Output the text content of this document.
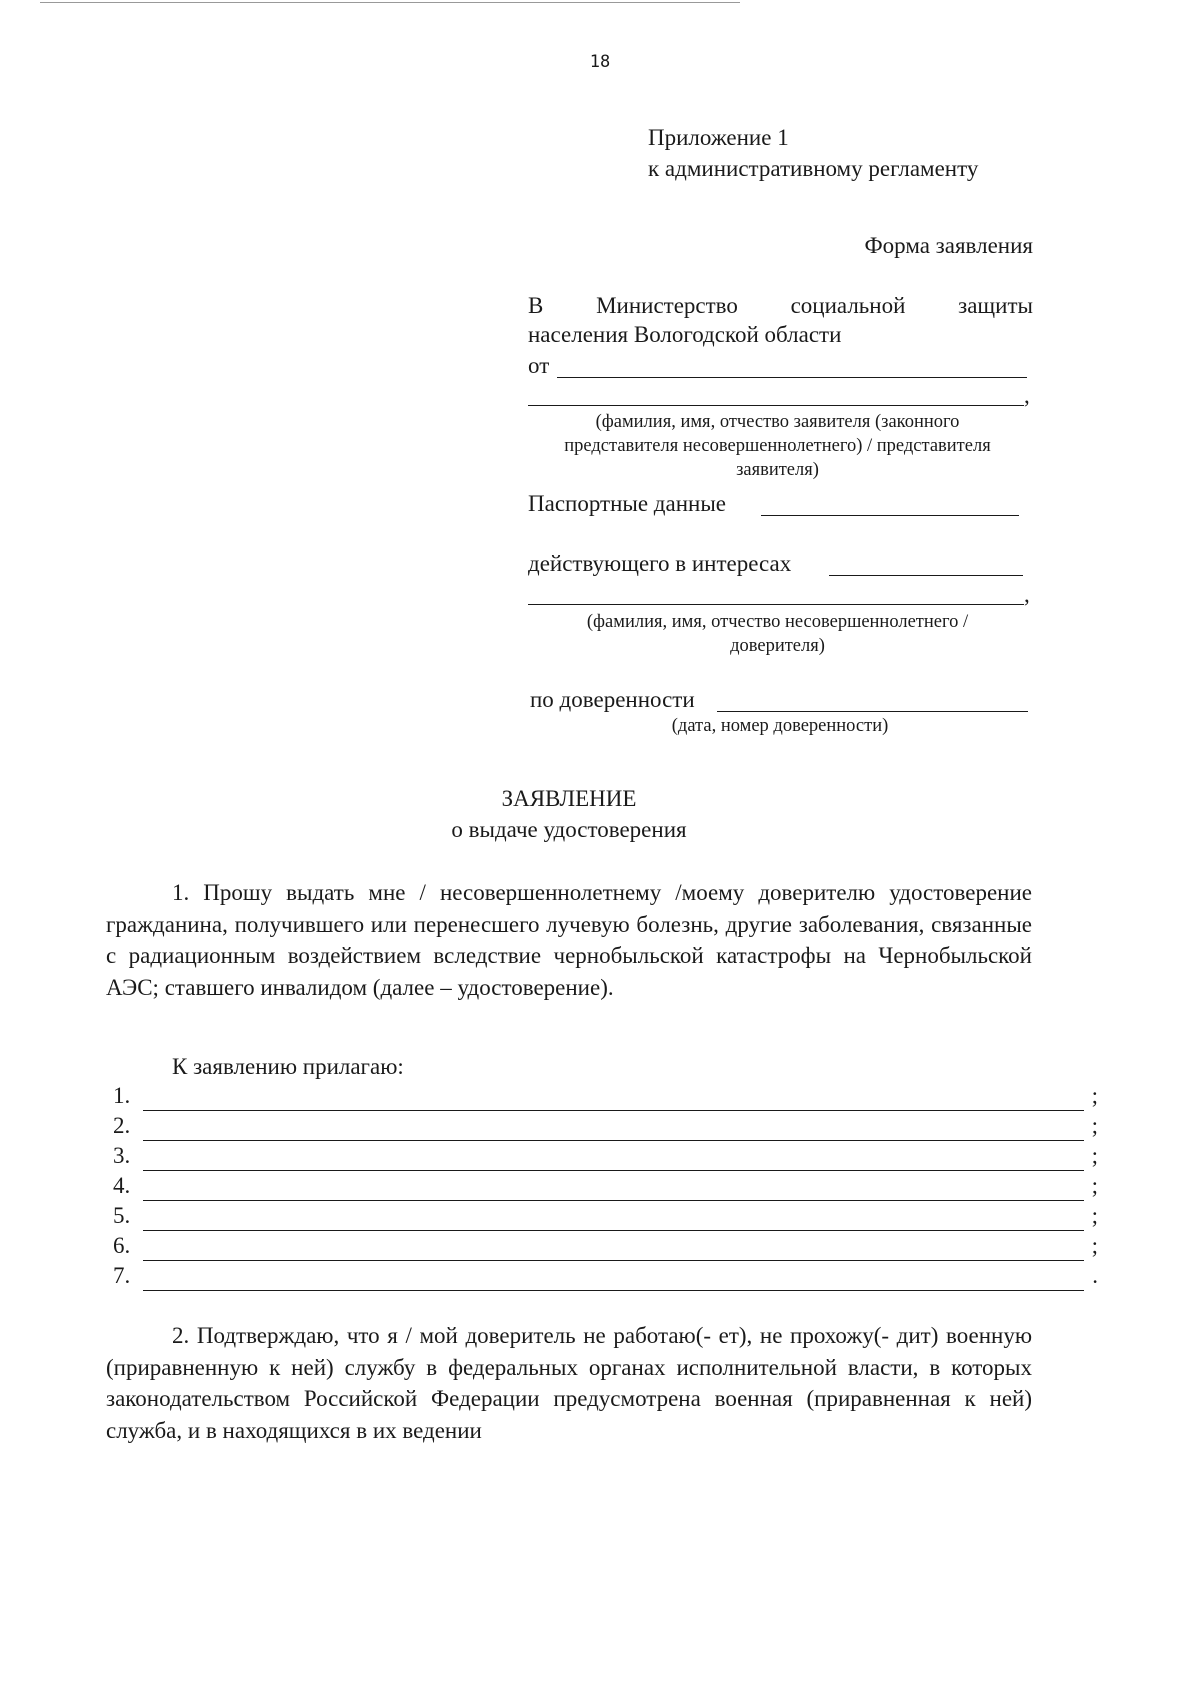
18
Приложение 1
к административному регламенту
Форма заявления
В Министерство социальной защиты
населения Вологодской области
от
,
(фамилия, имя, отчество заявителя (законного представителя несовершеннолетнего) / представителя заявителя)
Паспортные данные
действующего в интересах
,
(фамилия, имя, отчество несовершеннолетнего / доверителя)
по доверенности
(дата, номер доверенности)
ЗАЯВЛЕНИЕ
о выдаче удостоверения
1. Прошу выдать мне / несовершеннолетнему /моему доверителю удостоверение гражданина, получившего или перенесшего лучевую болезнь, другие заболевания, связанные с радиационным воздействием вследствие чернобыльской катастрофы на Чернобыльской АЭС; ставшего инвалидом (далее – удостоверение).
К заявлению прилагаю:
1.	;
2.	;
3.	;
4.	;
5.	;
6.	;
7.	.
2. Подтверждаю, что я / мой доверитель не работаю(- ет), не прохожу(- дит) военную (приравненную к ней) службу в федеральных органах исполнительной власти, в которых законодательством Российской Федерации предусмотрена военная (приравненная к ней) служба, и в находящихся в их ведении
